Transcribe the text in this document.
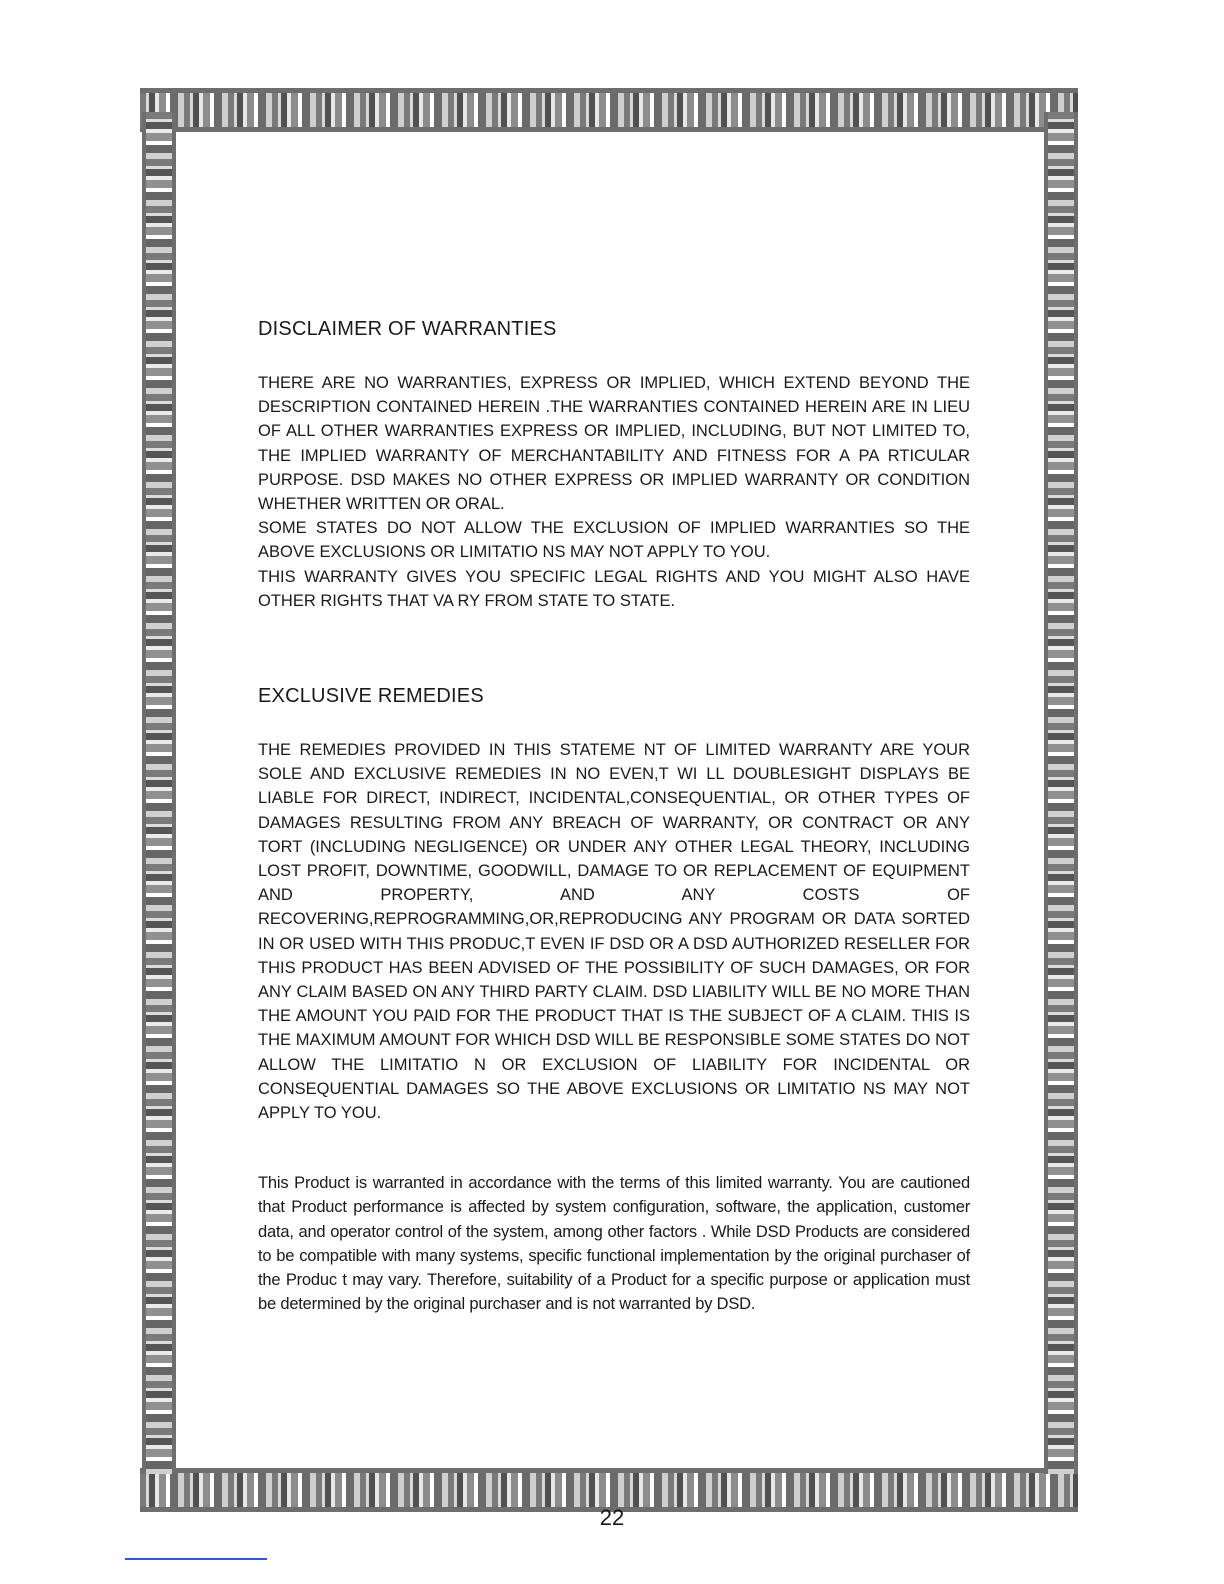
DISCLAIMER OF WARRANTIES

THERE ARE NO WARRANTIES, EXPRESS OR IMPLIED, WHICH EXTEND BEYOND THE DESCRIPTION CONTAINED HEREIN .THE WARRANTIES CONTAINED HEREIN ARE IN LIEU OF ALL OTHER WARRANTIES EXPRESS OR IMPLIED, INCLUDING, BUT NOT LIMITED TO, THE IMPLIED WARRANTY OF MERCHANTABILITY AND FITNESS FOR A PA RTICULAR PURPOSE. DSD MAKES NO OTHER EXPRESS OR IMPLIED WARRANTY OR CONDITION WHETHER WRITTEN OR ORAL.

SOME STATES DO NOT ALLOW THE EXCLUSION OF IMPLIED WARRANTIES SO THE ABOVE EXCLUSIONS OR LIMITATIO NS MAY NOT APPLY TO YOU.

THIS WARRANTY GIVES YOU SPECIFIC LEGAL RIGHTS AND YOU MIGHT ALSO HAVE OTHER RIGHTS THAT VA RY FROM STATE TO STATE.

EXCLUSIVE REMEDIES

THE REMEDIES PROVIDED IN THIS STATEME NT OF LIMITED WARRANTY ARE YOUR SOLE AND EXCLUSIVE REMEDIES IN NO EVEN,T WI LL DOUBLESIGHT DISPLAYS BE LIABLE FOR DIRECT, INDIRECT, INCIDENTAL,CONSEQUENTIAL, OR OTHER TYPES OF DAMAGES RESULTING FROM ANY BREACH OF WARRANTY, OR CONTRACT OR ANY TORT (INCLUDING NEGLIGENCE) OR UNDER ANY OTHER LEGAL THEORY, INCLUDING LOST PROFIT, DOWNTIME, GOODWILL, DAMAGE TO OR REPLACEMENT OF EQUIPMENT AND PROPERTY, AND ANY COSTS OF RECOVERING,REPROGRAMMING,OR,REPRODUCING ANY PROGRAM OR DATA SORTED IN OR USED WITH THIS PRODUC,T EVEN IF DSD OR A DSD AUTHORIZED RESELLER FOR THIS PRODUCT HAS BEEN ADVISED OF THE POSSIBILITY OF SUCH DAMAGES, OR FOR ANY CLAIM BASED ON ANY THIRD PARTY CLAIM. DSD LIABILITY WILL BE NO MORE THAN THE AMOUNT YOU PAID FOR THE PRODUCT THAT IS THE SUBJECT OF A CLAIM. THIS IS THE MAXIMUM AMOUNT FOR WHICH DSD WILL BE RESPONSIBLE SOME STATES DO NOT ALLOW THE LIMITATIO N OR EXCLUSION OF LIABILITY FOR INCIDENTAL OR CONSEQUENTIAL DAMAGES SO THE ABOVE EXCLUSIONS OR LIMITATIO NS MAY NOT APPLY TO YOU.

This Product is warranted in accordance with the terms of this limited warranty. You are cautioned that Product performance is affected by system configuration, software, the application, customer data, and operator control of the system, among other factors . While DSD Products are considered to be compatible with many systems, specific functional implementation by the original purchaser of the Produc t may vary. Therefore, suitability of a Product for a specific purpose or application must be determined by the original purchaser and is not warranted by DSD.

22
